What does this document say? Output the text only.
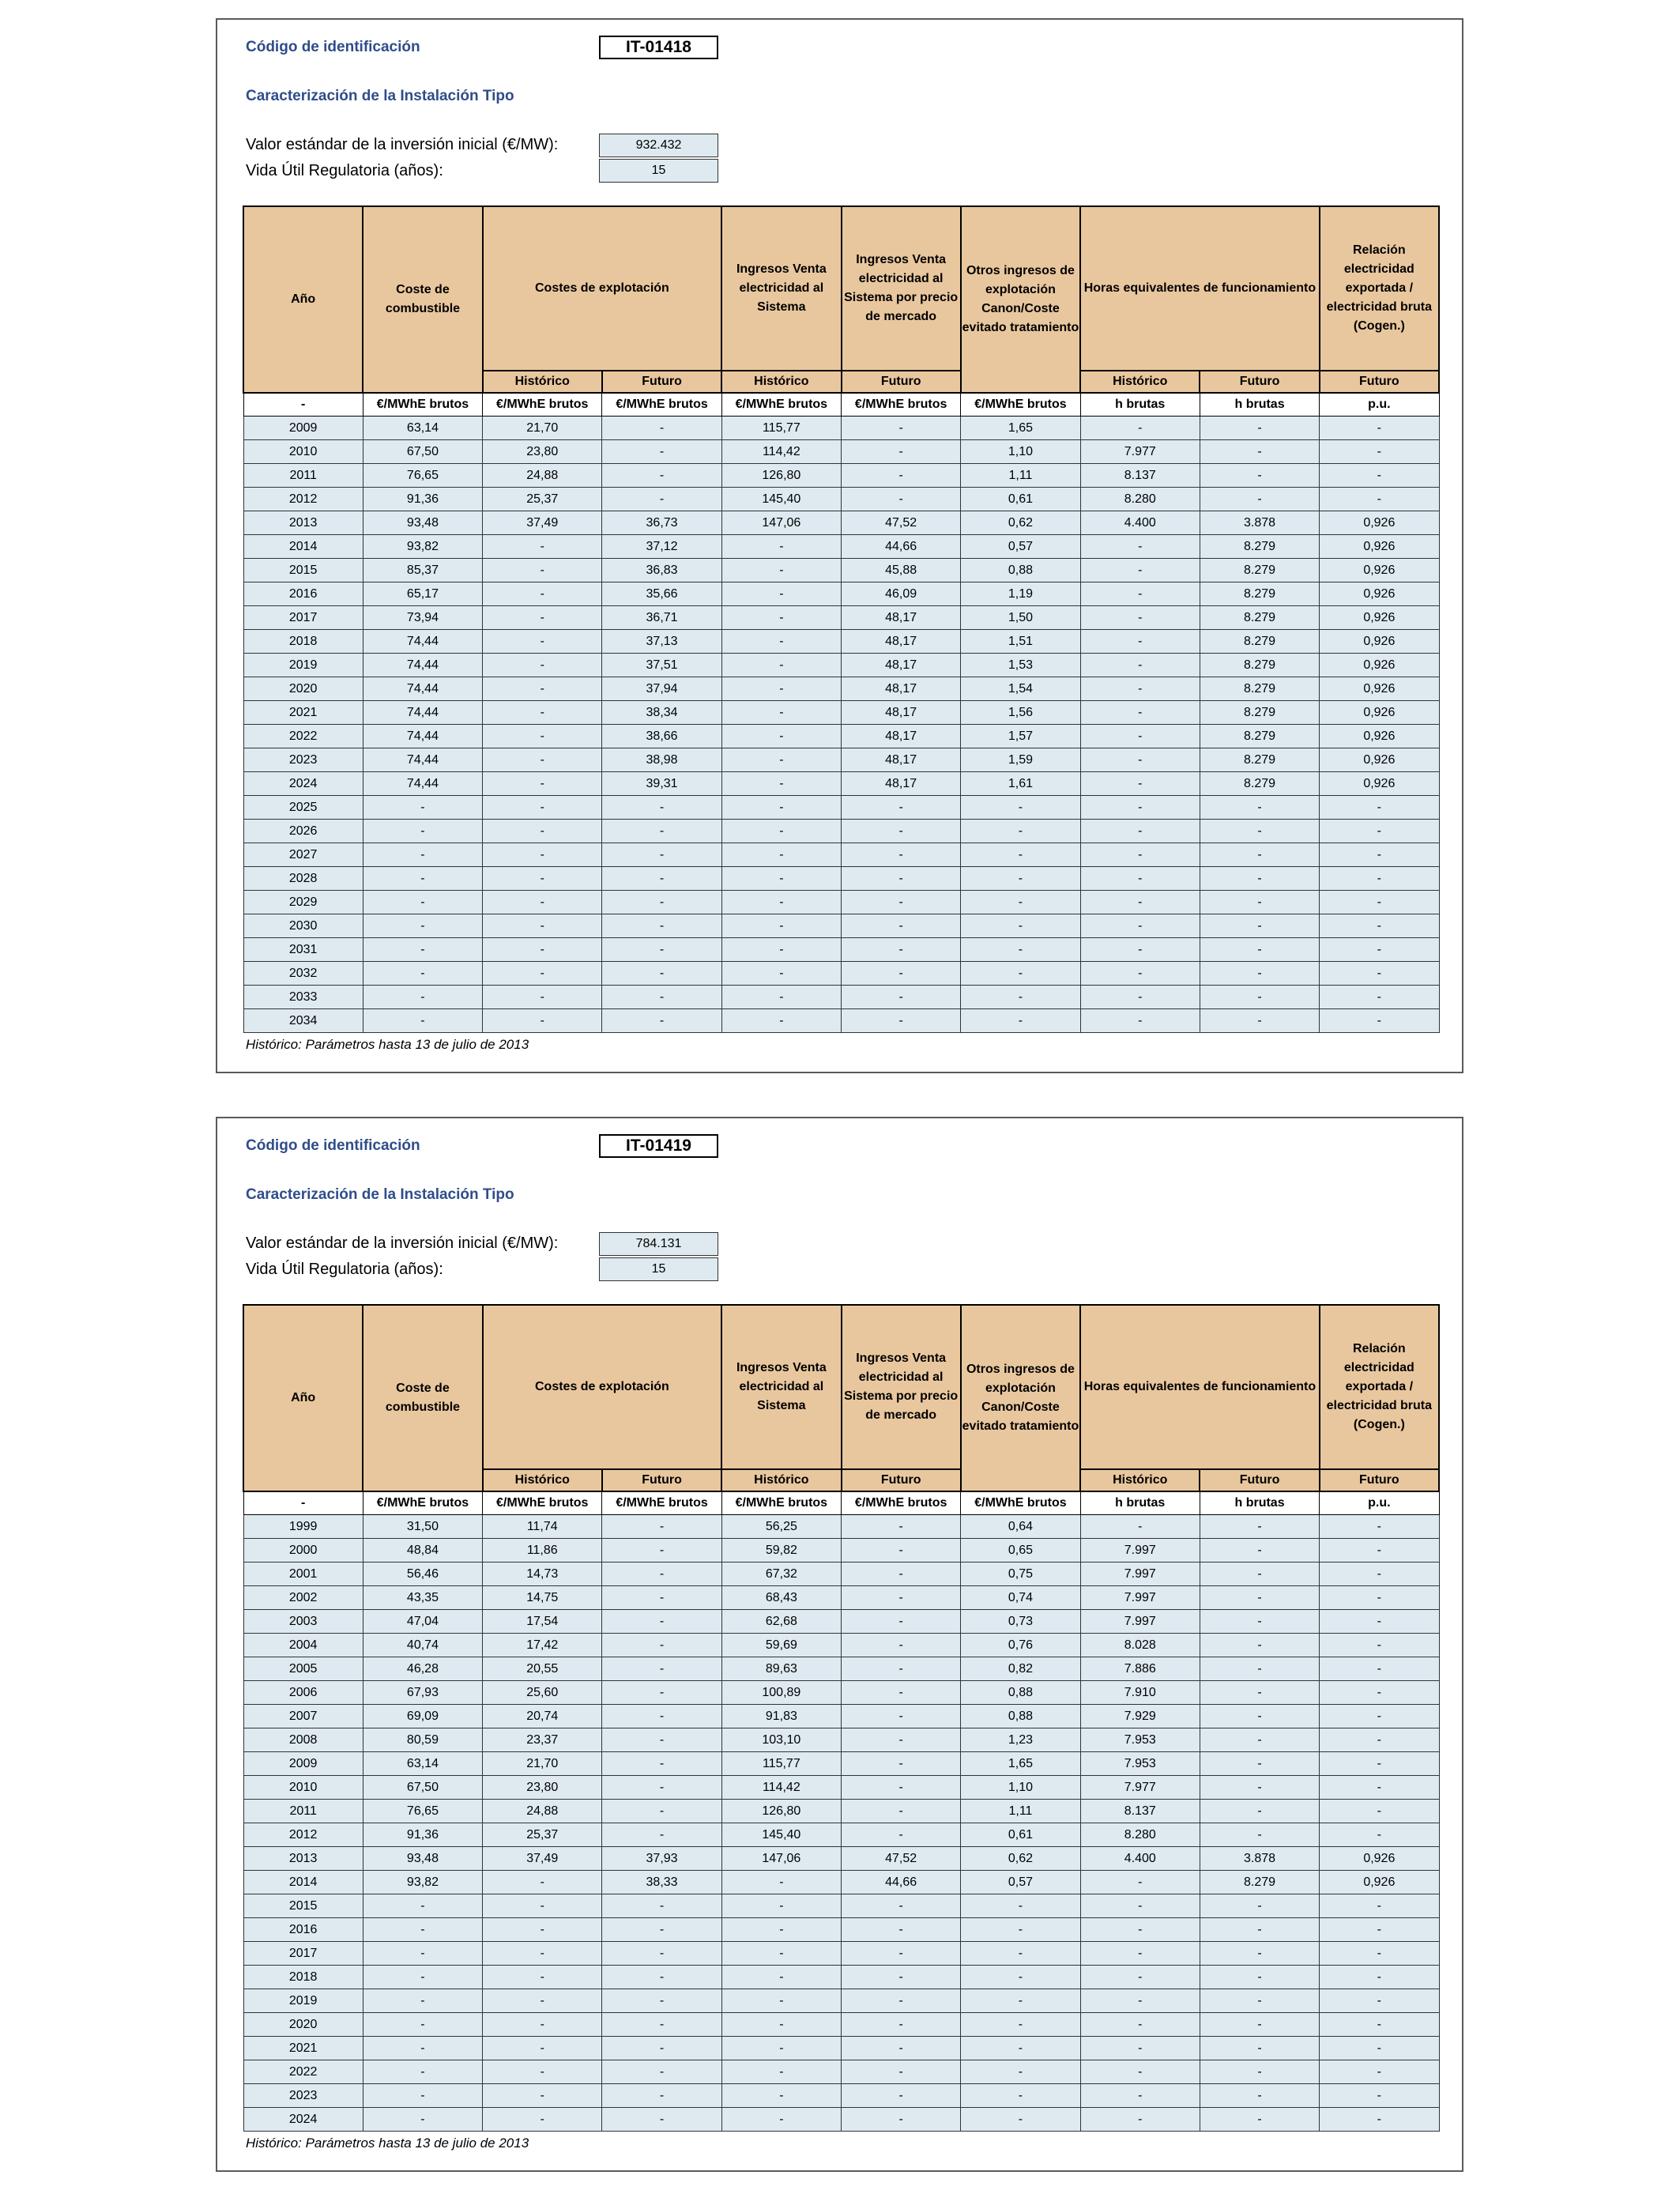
Código de identificación	IT-01418
Caracterización de la Instalación Tipo
Valor estándar de la inversión inicial (€/MW):	932.432
Vida Útil Regulatoria (años):	15
Año	Coste de combustible	Costes de explotación		Ingresos Venta electricidad al Sistema	Ingresos Venta electricidad al Sistema por precio de mercado	Otros ingresos de explotación Canon/Coste evitado tratamiento	Horas equivalentes de funcionamiento		Relación electricidad exportada / electricidad bruta (Cogen.)
		Histórico	Futuro	Histórico	Futuro		Histórico	Futuro	Futuro
-	€/MWhE brutos	€/MWhE brutos	€/MWhE brutos	€/MWhE brutos	€/MWhE brutos	€/MWhE brutos	h brutas	h brutas	p.u.
2009	63,14	21,70	-	115,77	-	1,65	-	-	-
2010	67,50	23,80	-	114,42	-	1,10	7.977	-	-
2011	76,65	24,88	-	126,80	-	1,11	8.137	-	-
2012	91,36	25,37	-	145,40	-	0,61	8.280	-	-
2013	93,48	37,49	36,73	147,06	47,52	0,62	4.400	3.878	0,926
2014	93,82	-	37,12	-	44,66	0,57	-	8.279	0,926
2015	85,37	-	36,83	-	45,88	0,88	-	8.279	0,926
2016	65,17	-	35,66	-	46,09	1,19	-	8.279	0,926
2017	73,94	-	36,71	-	48,17	1,50	-	8.279	0,926
2018	74,44	-	37,13	-	48,17	1,51	-	8.279	0,926
2019	74,44	-	37,51	-	48,17	1,53	-	8.279	0,926
2020	74,44	-	37,94	-	48,17	1,54	-	8.279	0,926
2021	74,44	-	38,34	-	48,17	1,56	-	8.279	0,926
2022	74,44	-	38,66	-	48,17	1,57	-	8.279	0,926
2023	74,44	-	38,98	-	48,17	1,59	-	8.279	0,926
2024	74,44	-	39,31	-	48,17	1,61	-	8.279	0,926
2025	-	-	-	-	-	-	-	-	-
2026	-	-	-	-	-	-	-	-	-
2027	-	-	-	-	-	-	-	-	-
2028	-	-	-	-	-	-	-	-	-
2029	-	-	-	-	-	-	-	-	-
2030	-	-	-	-	-	-	-	-	-
2031	-	-	-	-	-	-	-	-	-
2032	-	-	-	-	-	-	-	-	-
2033	-	-	-	-	-	-	-	-	-
2034	-	-	-	-	-	-	-	-	-
Histórico: Parámetros hasta 13 de julio de 2013
Código de identificación	IT-01419
Caracterización de la Instalación Tipo
Valor estándar de la inversión inicial (€/MW):	784.131
Vida Útil Regulatoria (años):	15
Año	Coste de combustible	Costes de explotación		Ingresos Venta electricidad al Sistema	Ingresos Venta electricidad al Sistema por precio de mercado	Otros ingresos de explotación Canon/Coste evitado tratamiento	Horas equivalentes de funcionamiento		Relación electricidad exportada / electricidad bruta (Cogen.)
		Histórico	Futuro	Histórico	Futuro		Histórico	Futuro	Futuro
-	€/MWhE brutos	€/MWhE brutos	€/MWhE brutos	€/MWhE brutos	€/MWhE brutos	€/MWhE brutos	h brutas	h brutas	p.u.
1999	31,50	11,74	-	56,25	-	0,64	-	-	-
2000	48,84	11,86	-	59,82	-	0,65	7.997	-	-
2001	56,46	14,73	-	67,32	-	0,75	7.997	-	-
2002	43,35	14,75	-	68,43	-	0,74	7.997	-	-
2003	47,04	17,54	-	62,68	-	0,73	7.997	-	-
2004	40,74	17,42	-	59,69	-	0,76	8.028	-	-
2005	46,28	20,55	-	89,63	-	0,82	7.886	-	-
2006	67,93	25,60	-	100,89	-	0,88	7.910	-	-
2007	69,09	20,74	-	91,83	-	0,88	7.929	-	-
2008	80,59	23,37	-	103,10	-	1,23	7.953	-	-
2009	63,14	21,70	-	115,77	-	1,65	7.953	-	-
2010	67,50	23,80	-	114,42	-	1,10	7.977	-	-
2011	76,65	24,88	-	126,80	-	1,11	8.137	-	-
2012	91,36	25,37	-	145,40	-	0,61	8.280	-	-
2013	93,48	37,49	37,93	147,06	47,52	0,62	4.400	3.878	0,926
2014	93,82	-	38,33	-	44,66	0,57	-	8.279	0,926
2015	-	-	-	-	-	-	-	-	-
2016	-	-	-	-	-	-	-	-	-
2017	-	-	-	-	-	-	-	-	-
2018	-	-	-	-	-	-	-	-	-
2019	-	-	-	-	-	-	-	-	-
2020	-	-	-	-	-	-	-	-	-
2021	-	-	-	-	-	-	-	-	-
2022	-	-	-	-	-	-	-	-	-
2023	-	-	-	-	-	-	-	-	-
2024	-	-	-	-	-	-	-	-	-
Histórico: Parámetros hasta 13 de julio de 2013
